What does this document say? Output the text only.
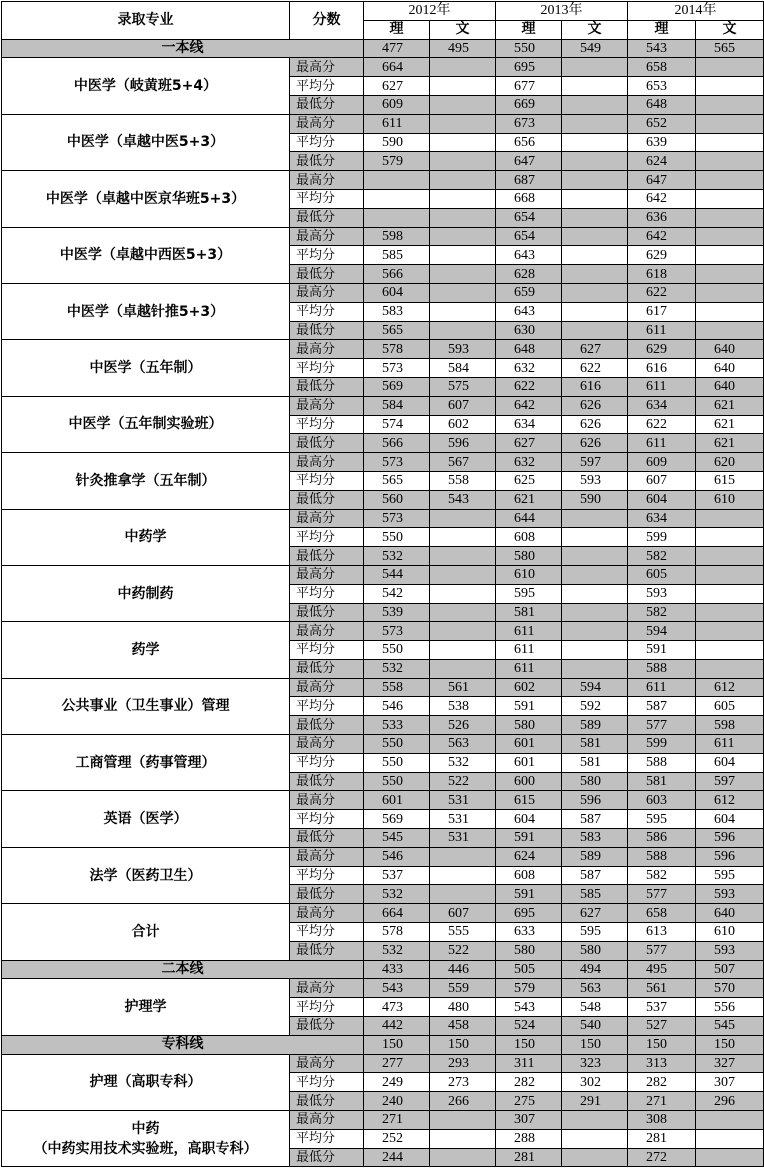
录取专业	分数	2012年		2013年		2014年	
		理	文	理	文	理	文
一本线		477	495	550	549	543	565
中医学（岐黄班5+4）	最高分	664		695		658	
	平均分	627		677		653	
	最低分	609		669		648	
中医学（卓越中医5+3）	最高分	611		673		652	
	平均分	590		656		639	
	最低分	579		647		624	
中医学（卓越中医京华班5+3）	最高分			687		647	
	平均分			668		642	
	最低分			654		636	
中医学（卓越中西医5+3）	最高分	598		654		642	
	平均分	585		643		629	
	最低分	566		628		618	
中医学（卓越针推5+3）	最高分	604		659		622	
	平均分	583		643		617	
	最低分	565		630		611	
中医学（五年制）	最高分	578	593	648	627	629	640
	平均分	573	584	632	622	616	640
	最低分	569	575	622	616	611	640
中医学（五年制实验班）	最高分	584	607	642	626	634	621
	平均分	574	602	634	626	622	621
	最低分	566	596	627	626	611	621
针灸推拿学（五年制）	最高分	573	567	632	597	609	620
	平均分	565	558	625	593	607	615
	最低分	560	543	621	590	604	610
中药学	最高分	573		644		634	
	平均分	550		608		599	
	最低分	532		580		582	
中药制药	最高分	544		610		605	
	平均分	542		595		593	
	最低分	539		581		582	
药学	最高分	573		611		594	
	平均分	550		611		591	
	最低分	532		611		588	
公共事业（卫生事业）管理	最高分	558	561	602	594	611	612
	平均分	546	538	591	592	587	605
	最低分	533	526	580	589	577	598
工商管理（药事管理）	最高分	550	563	601	581	599	611
	平均分	550	532	601	581	588	604
	最低分	550	522	600	580	581	597
英语（医学）	最高分	601	531	615	596	603	612
	平均分	569	531	604	587	595	604
	最低分	545	531	591	583	586	596
法学（医药卫生）	最高分	546		624	589	588	596
	平均分	537		608	587	582	595
	最低分	532		591	585	577	593
合计	最高分	664	607	695	627	658	640
	平均分	578	555	633	595	613	610
	最低分	532	522	580	580	577	593
二本线		433	446	505	494	495	507
护理学	最高分	543	559	579	563	561	570
	平均分	473	480	543	548	537	556
	最低分	442	458	524	540	527	545
专科线		150	150	150	150	150	150
护理（高职专科）	最高分	277	293	311	323	313	327
	平均分	249	273	282	302	282	307
	最低分	240	266	275	291	271	296

中药
（中药实用技术实验班，高职专科）	最高分	271		307		308	
	平均分	252		288		281	
	最低分	244		281		272	
